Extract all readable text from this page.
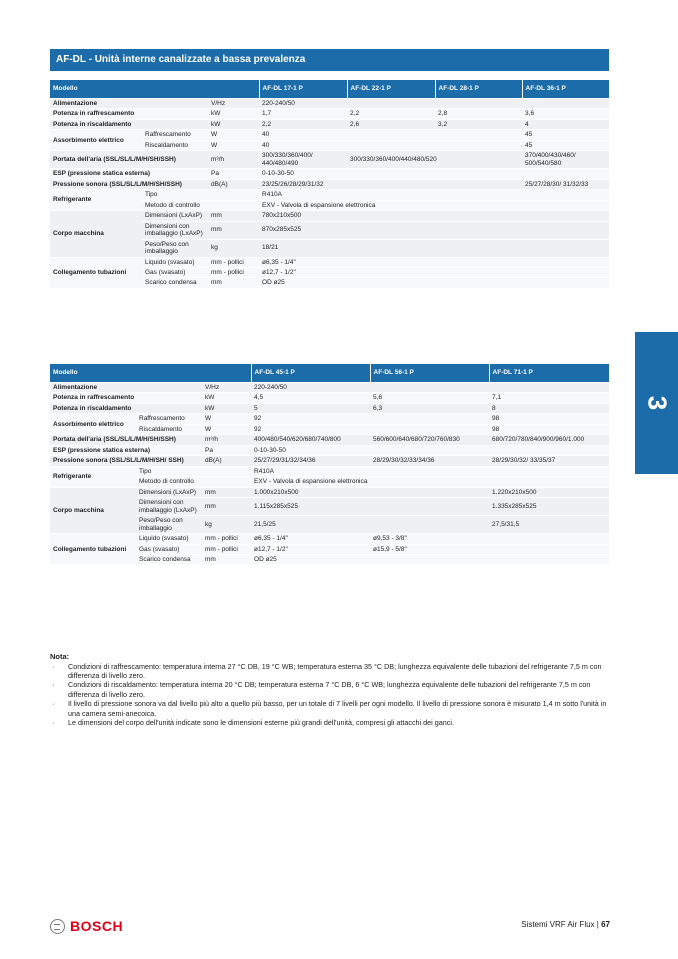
AF-DL - Unità interne canalizzate a bassa prevalenza
Modello			AF-DL 17-1 P	AF-DL 22-1 P	AF-DL 28-1 P	AF-DL 36-1 P
Alimentazione		V/Hz	220-240/50			
Potenza in raffrescamento		kW	1,7	2,2	2,8	3,6
Potenza in riscaldamento		kW	2,2	2,6	3,2	4
Assorbimento elettrico	Raffrescamento	W	40			45
	Riscaldamento	W	40			45
Portata dell'aria (SSL/SL/L/M/H/SH/SSH)		m³/h	300/330/360/400/ 440/480/490	300/330/360/400/440/480/520		370/400/430/460/ 500/540/580
ESP (pressione statica esterna)		Pa	0-10-30-50			
Pressione sonora (SSL/SL/L/M/H/SH/SSH)		dB(A)	23/25/26/28/29/31/32			25/27/28/30/ 31/32/33
Refrigerante	Tipo		R410A			
	Metodo di controllo		EXV - Valvola di espansione elettronica			
Corpo macchina	Dimensioni (LxAxP)	mm	780x210x500			
	Dimensioni con imballaggio (LxAxP)	mm	870x285x525			
	Peso/Peso con imballaggio	kg	18/21			
Collegamento tubazioni	Liquido (svasato)	mm - pollici	ø6,35 - 1/4"			
	Gas (svasato)	mm - pollici	ø12,7 - 1/2"			
	Scarico condensa	mm	OD ø25			
Modello			AF-DL 45-1 P	AF-DL 56-1 P	AF-DL 71-1 P
Alimentazione		V/Hz	220-240/50		
Potenza in raffrescamento		kW	4,5	5,6	7,1
Potenza in riscaldamento		kW	5	6,3	8
Assorbimento elettrico	Raffrescamento	W	92		98
	Riscaldamento	W	92		98
Portata dell'aria (SSL/SL/L/M/H/SH/SSH)		m³/h	400/480/540/620/680/740/800	560/600/640/680/720/760/830	680/720/780/840/900/960/1.000
ESP (pressione statica esterna)		Pa	0-10-30-50		
Pressione sonora (SSL/SL/L/M/H/SH/ SSH)		dB(A)	25/27/29/31/32/34/36	28/29/30/32/33/34/36	28/29/30/32/ 33/35/37
Refrigerante	Tipo		R410A		
	Metodo di controllo		EXV - Valvola di espansione elettronica		
Corpo macchina	Dimensioni (LxAxP)	mm	1.000x210x500		1.220x210x500
	Dimensioni con imballaggio (LxAxP)	mm	1.115x285x525		1.335x285x525
	Peso/Peso con imballaggio	kg	21,5/25		27,5/31,5
Collegamento tubazioni	Liquido (svasato)	mm - pollici	ø6,35 - 1/4"	ø9,53 - 3/8"	
	Gas (svasato)	mm - pollici	ø12,7 - 1/2"	ø15,9 - 5/8"	
	Scarico condensa	mm	OD ø25		
3
Nota:
· Condizioni di raffrescamento: temperatura interna 27 °C DB, 19 °C WB; temperatura esterna 35 °C DB; lunghezza equivalente delle tubazioni del refrigerante 7,5 m con differenza di livello zero.
· Condizioni di riscaldamento: temperatura interna 20 °C DB; temperatura esterna 7 °C DB, 6 °C WB; lunghezza equivalente delle tubazioni del refrigerante 7,5 m con differenza di livello zero.
· Il livello di pressione sonora va dal livello più alto a quello più basso, per un totale di 7 livelli per ogni modello. Il livello di pressione sonora è misurato 1,4 m sotto l'unità in una camera semi-anecoica.
· Le dimensioni del corpo dell'unità indicate sono le dimensioni esterne più grandi dell'unità, compresi gli attacchi dei ganci.
BOSCH	Sistemi VRF Air Flux | 67
